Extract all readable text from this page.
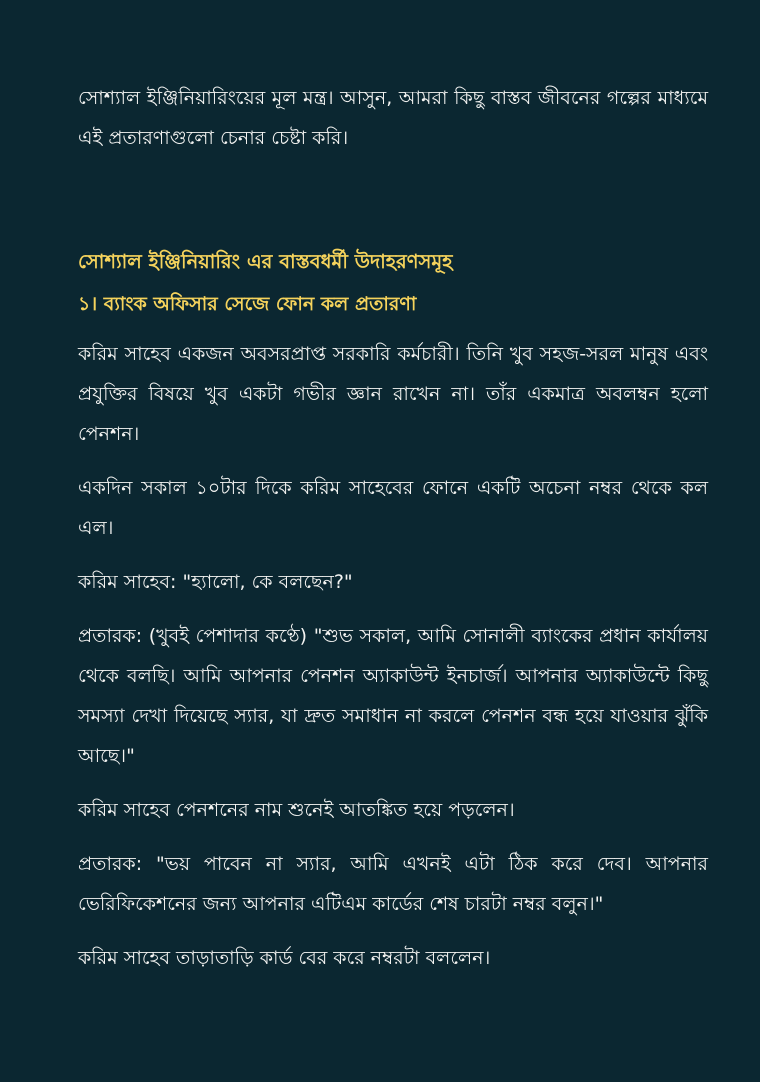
সোশ্যাল ইঞ্জিনিয়ারিংয়ের মূল মন্ত্র। আসুন, আমরা কিছু বাস্তব জীবনের গল্পের মাধ্যমে এই প্রতারণাগুলো চেনার চেষ্টা করি।

সোশ্যাল ইঞ্জিনিয়ারিং এর বাস্তবধর্মী উদাহরণসমূহ
১। ব্যাংক অফিসার সেজে ফোন কল প্রতারণা

করিম সাহেব একজন অবসরপ্রাপ্ত সরকারি কর্মচারী। তিনি খুব সহজ-সরল মানুষ এবং প্রযুক্তির বিষয়ে খুব একটা গভীর জ্ঞান রাখেন না। তাঁর একমাত্র অবলম্বন হলো পেনশন।

একদিন সকাল ১০টার দিকে করিম সাহেবের ফোনে একটি অচেনা নম্বর থেকে কল এল।

করিম সাহেব: "হ্যালো, কে বলছেন?"

প্রতারক: (খুবই পেশাদার কণ্ঠে) "শুভ সকাল, আমি সোনালী ব্যাংকের প্রধান কার্যালয় থেকে বলছি। আমি আপনার পেনশন অ্যাকাউন্ট ইনচার্জ। আপনার অ্যাকাউন্টে কিছু সমস্যা দেখা দিয়েছে স্যার, যা দ্রুত সমাধান না করলে পেনশন বন্ধ হয়ে যাওয়ার ঝুঁকি আছে।"

করিম সাহেব পেনশনের নাম শুনেই আতঙ্কিত হয়ে পড়লেন।

প্রতারক: "ভয় পাবেন না স্যার, আমি এখনই এটা ঠিক করে দেব। আপনার ভেরিফিকেশনের জন্য আপনার এটিএম কার্ডের শেষ চারটা নম্বর বলুন।"

করিম সাহেব তাড়াতাড়ি কার্ড বের করে নম্বরটা বললেন।
